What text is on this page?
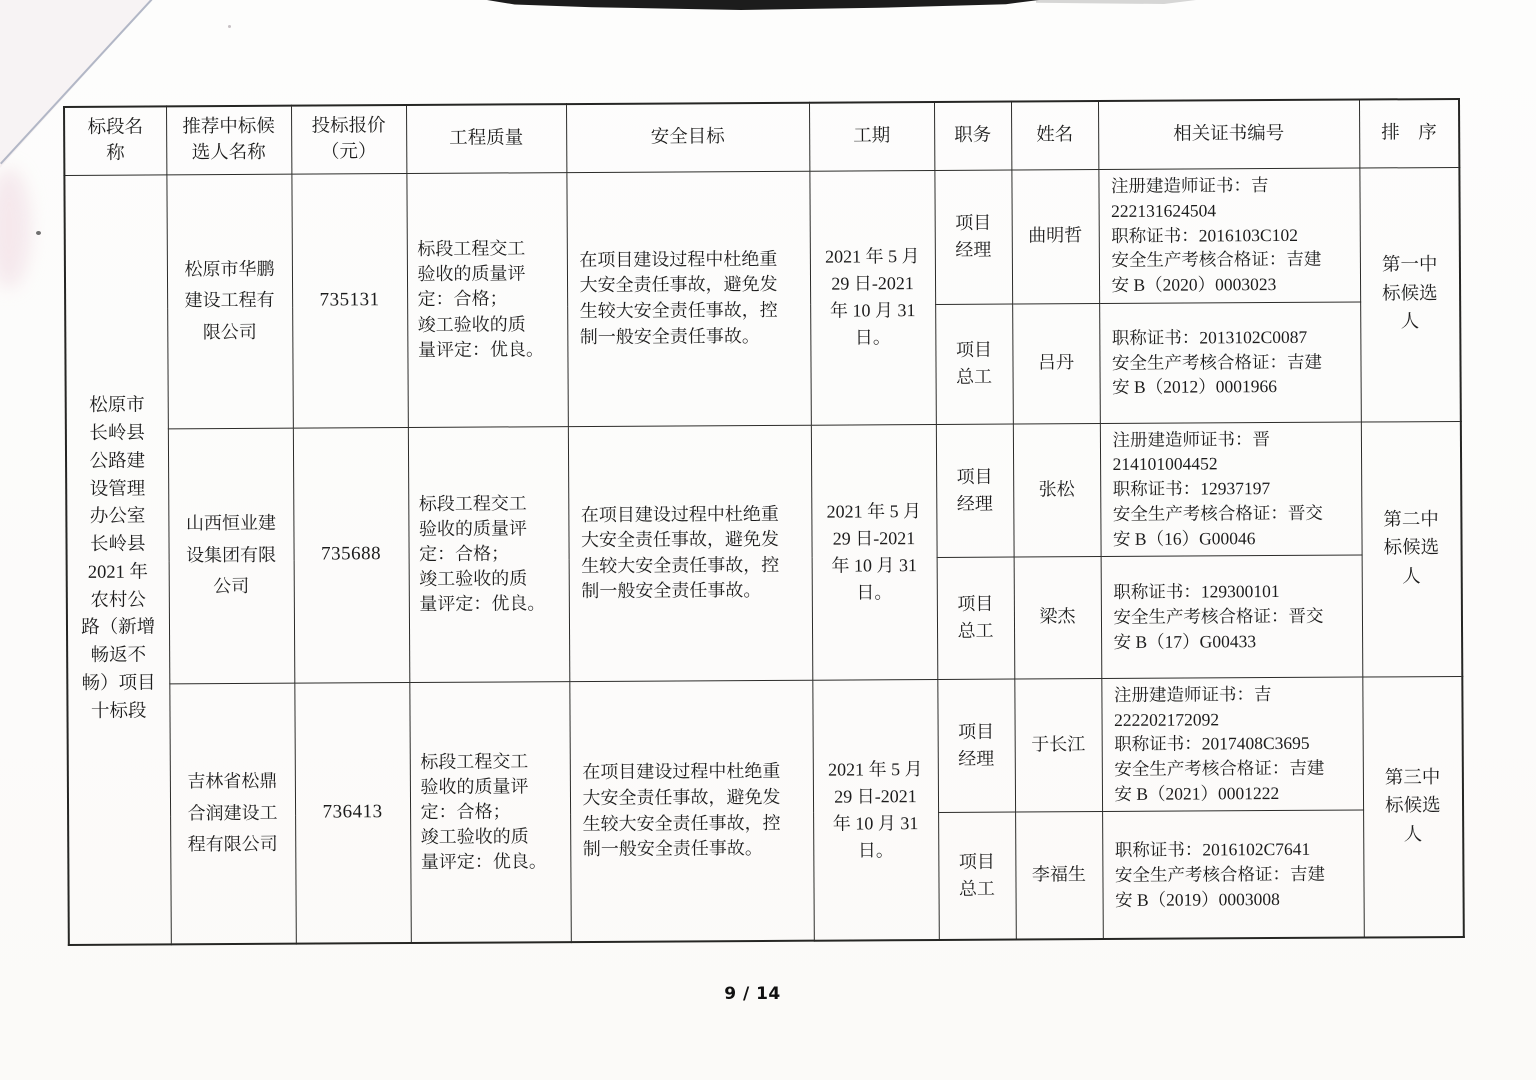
标段名
称	推荐中标候
选人名称	投标报价
（元）	工程质量	安全目标	工期	职务	姓名	相关证书编号	排　序
松原市
长岭县
公路建
设管理
办公室
长岭县
2021 年
农村公
路（新增
畅返不
畅）项目
十标段	松原市华鹏
建设工程有
限公司	735131	标段工程交工
验收的质量评
定：合格；
竣工验收的质
量评定：优良。	在项目建设过程中杜绝重
大安全责任事故，避免发
生较大安全责任事故，控
制一般安全责任事故。	2021 年 5 月
29 日-2021
年 10 月 31
日。	项目
经理	曲明哲	注册建造师证书：吉
222131624504
职称证书：2016103C102
安全生产考核合格证：吉建
安 B（2020）0003023	第一中
标候选
人
						项目
总工	吕丹	职称证书：2013102C0087
安全生产考核合格证：吉建
安 B（2012）0001966	
	山西恒业建
设集团有限
公司	735688	标段工程交工
验收的质量评
定：合格；
竣工验收的质
量评定：优良。	在项目建设过程中杜绝重
大安全责任事故，避免发
生较大安全责任事故，控
制一般安全责任事故。	2021 年 5 月
29 日-2021
年 10 月 31
日。	项目
经理	张松	注册建造师证书：晋
214101004452
职称证书：12937197
安全生产考核合格证：晋交
安 B（16）G00046	第二中
标候选
人
						项目
总工	梁杰	职称证书：129300101
安全生产考核合格证：晋交
安 B（17）G00433	
	吉林省松鼎
合润建设工
程有限公司	736413	标段工程交工
验收的质量评
定：合格；
竣工验收的质
量评定：优良。	在项目建设过程中杜绝重
大安全责任事故，避免发
生较大安全责任事故，控
制一般安全责任事故。	2021 年 5 月
29 日-2021
年 10 月 31
日。	项目
经理	于长江	注册建造师证书：吉
222202172092
职称证书：2017408C3695
安全生产考核合格证：吉建
安 B（2021）0001222	第三中
标候选
人
						项目
总工	李福生	职称证书：2016102C7641
安全生产考核合格证：吉建
安 B（2019）0003008	
9 / 14
